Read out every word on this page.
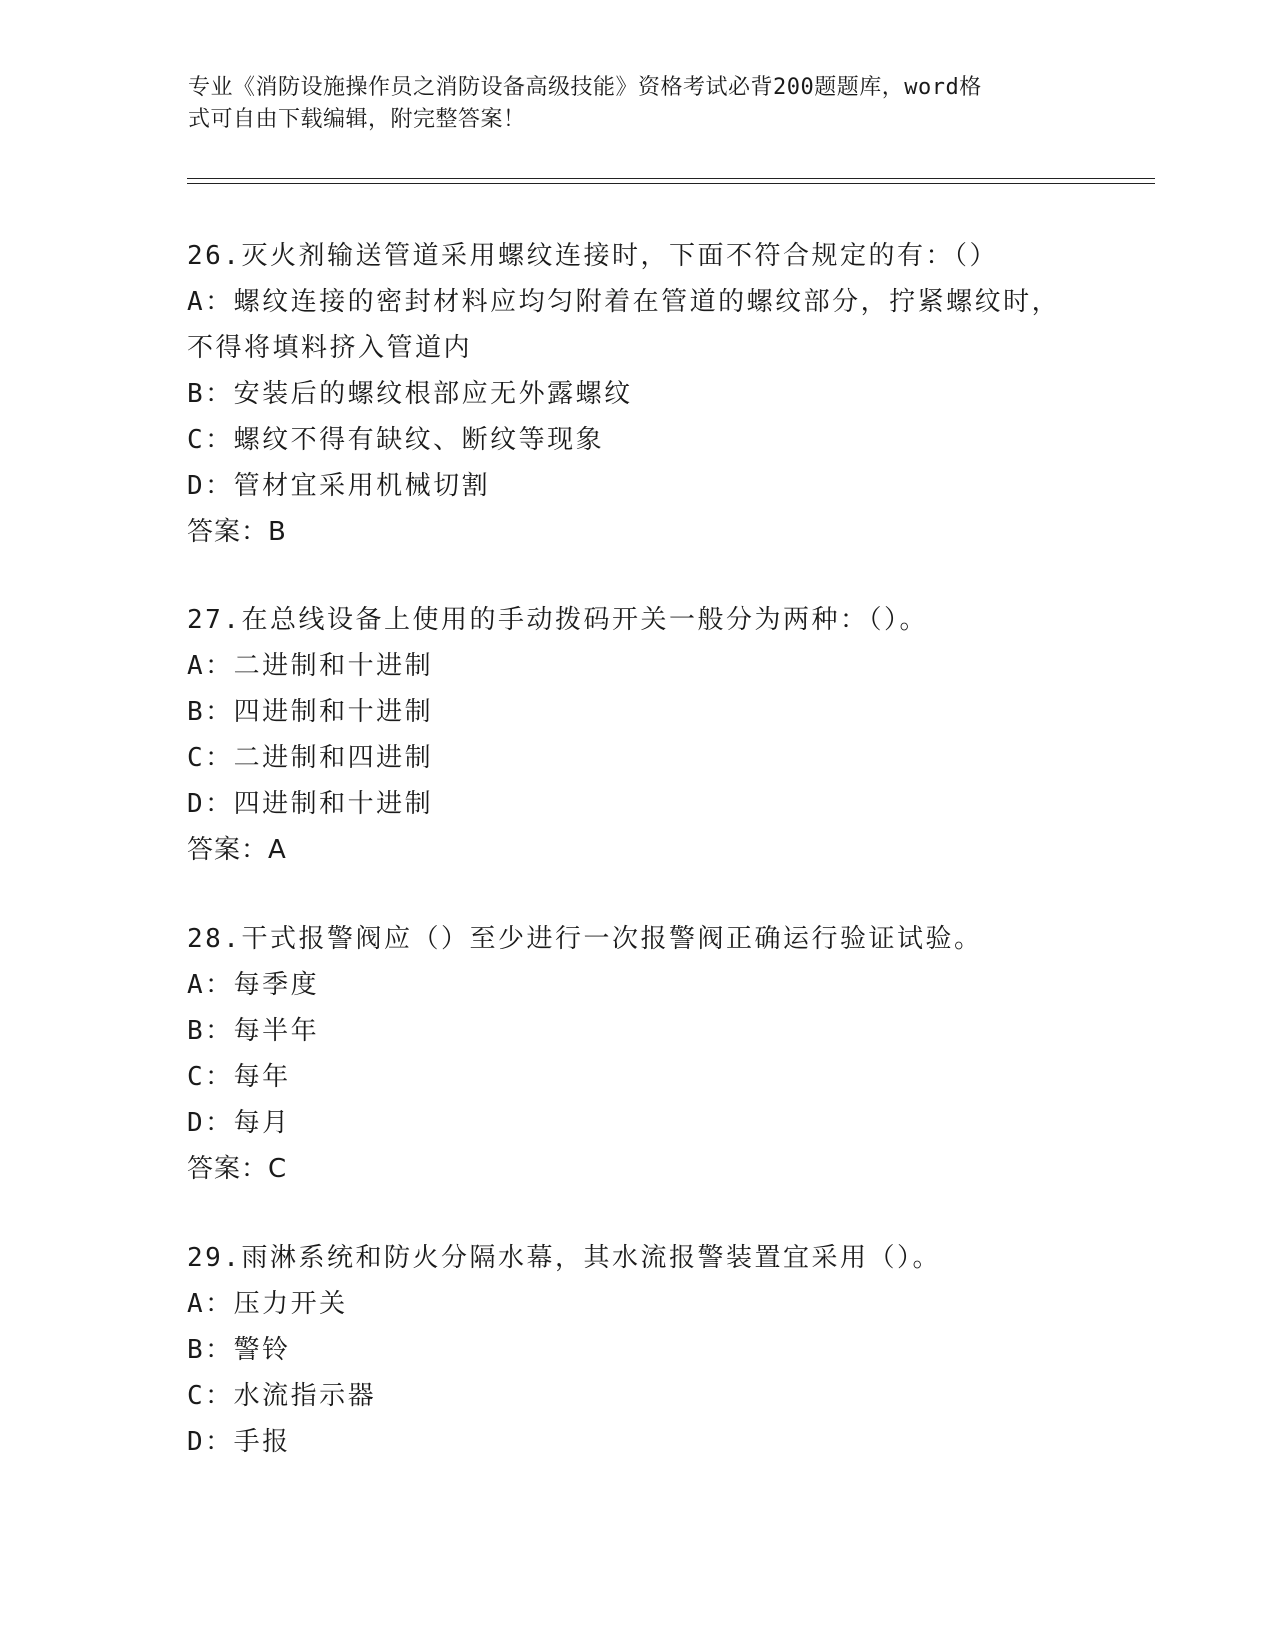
专业《消防设施操作员之消防设备高级技能》资格考试必背200题题库，word格
式可自由下载编辑，附完整答案！
26.灭火剂输送管道采用螺纹连接时，下面不符合规定的有：（）
A：螺纹连接的密封材料应均匀附着在管道的螺纹部分，拧紧螺纹时，不得将填料挤入管道内
B：安装后的螺纹根部应无外露螺纹
C：螺纹不得有缺纹、断纹等现象
D：管材宜采用机械切割
答案：B
27.在总线设备上使用的手动拨码开关一般分为两种：（）。
A：二进制和十进制
B：四进制和十进制
C：二进制和四进制
D：四进制和十进制
答案：A
28.干式报警阀应（）至少进行一次报警阀正确运行验证试验。
A：每季度
B：每半年
C：每年
D：每月
答案：C
29.雨淋系统和防火分隔水幕，其水流报警装置宜采用（）。
A：压力开关
B：警铃
C：水流指示器
D：手报
